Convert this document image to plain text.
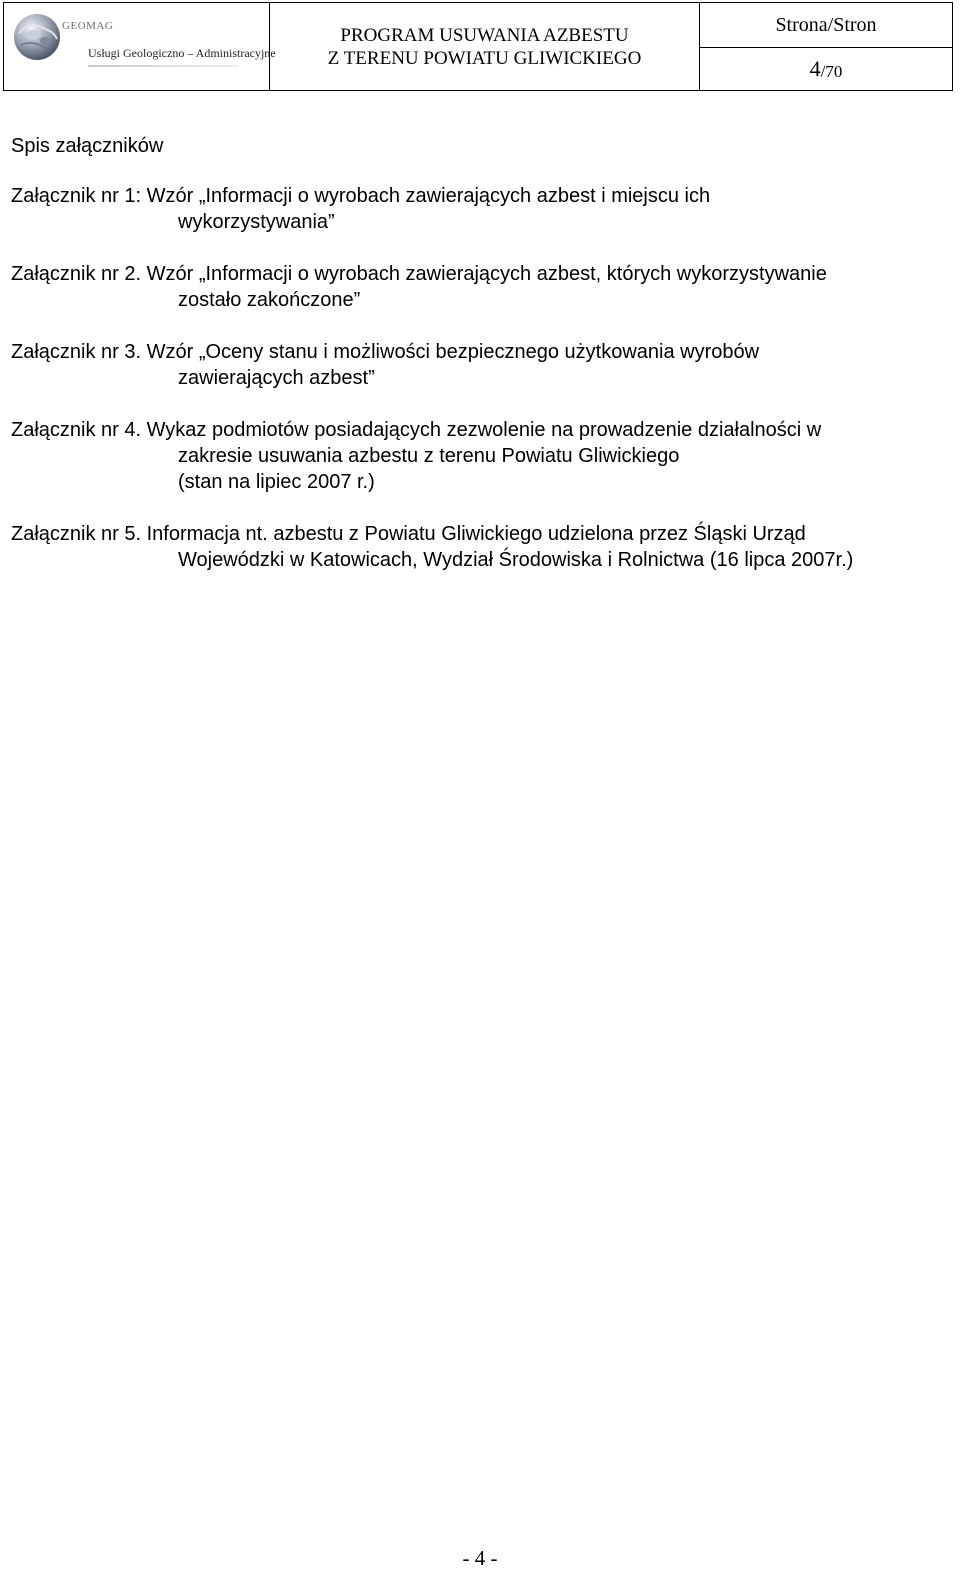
GEOMAG
Usługi Geologiczno – Administracyjne
PROGRAM USUWANIA AZBESTU
Z TERENU POWIATU GLIWICKIEGO
Strona/Stron
4 /70
Spis załączników
Załącznik nr 1: Wzór „Informacji o wyrobach zawierających azbest i miejscu ich
wykorzystywania”
Załącznik nr 2. Wzór „Informacji o wyrobach zawierających azbest, których wykorzystywanie
zostało zakończone”
Załącznik nr 3. Wzór „Oceny stanu i możliwości bezpiecznego użytkowania wyrobów
zawierających azbest”
Załącznik nr 4. Wykaz podmiotów posiadających zezwolenie na prowadzenie działalności w
zakresie usuwania azbestu z terenu Powiatu Gliwickiego
(stan na lipiec 2007 r.)
Załącznik nr 5. Informacja nt. azbestu z Powiatu Gliwickiego udzielona przez Śląski Urząd
Wojewódzki w Katowicach, Wydział Środowiska i Rolnictwa (16 lipca 2007r.)
- 4 -
